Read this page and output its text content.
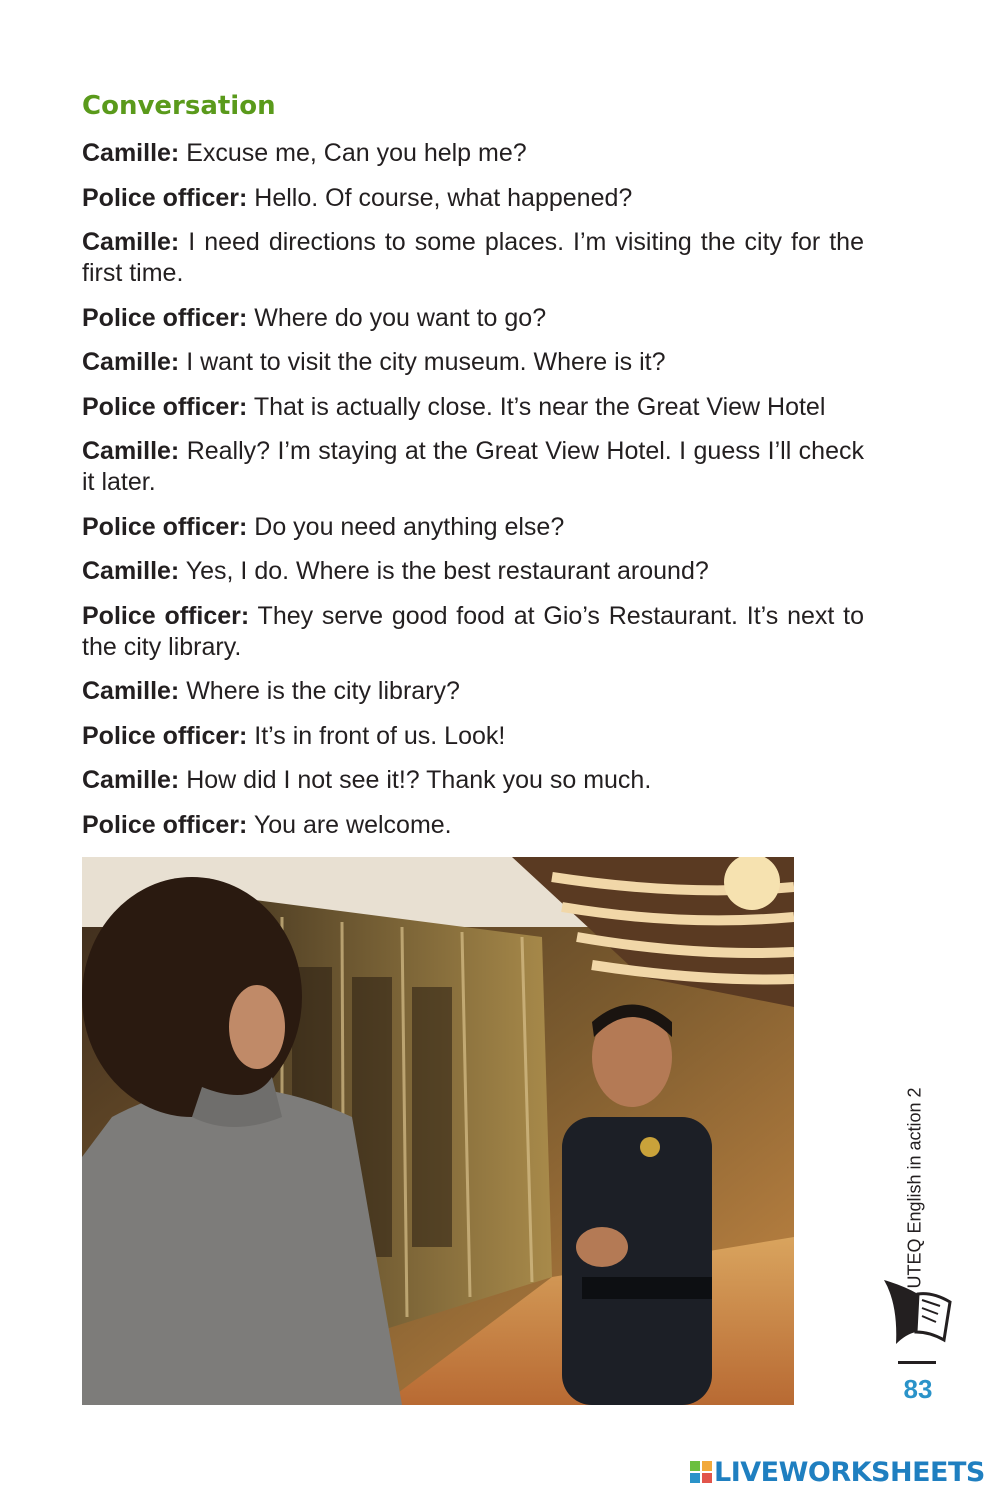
Conversation

Camille: Excuse me, Can you help me?

Police officer: Hello. Of course, what happened?

Camille: I need directions to some places. I’m visiting the city for the first time.

Police officer: Where do you want to go?

Camille: I want to visit the city museum. Where is it?

Police officer: That is actually close. It’s near the Great View Hotel

Camille: Really? I’m staying at the Great View Hotel. I guess I’ll check it later.

Police officer: Do you need anything else?

Camille: Yes, I do. Where is the best restaurant around?

Police officer: They serve good food at Gio’s Restaurant. It’s next to the city library.

Camille: Where is the city library?

Police officer: It’s in front of us. Look!

Camille: How did I not see it!? Thank you so much.

Police officer: You are welcome.

UTEQ English in action 2
83
LIVEWORKSHEETS
